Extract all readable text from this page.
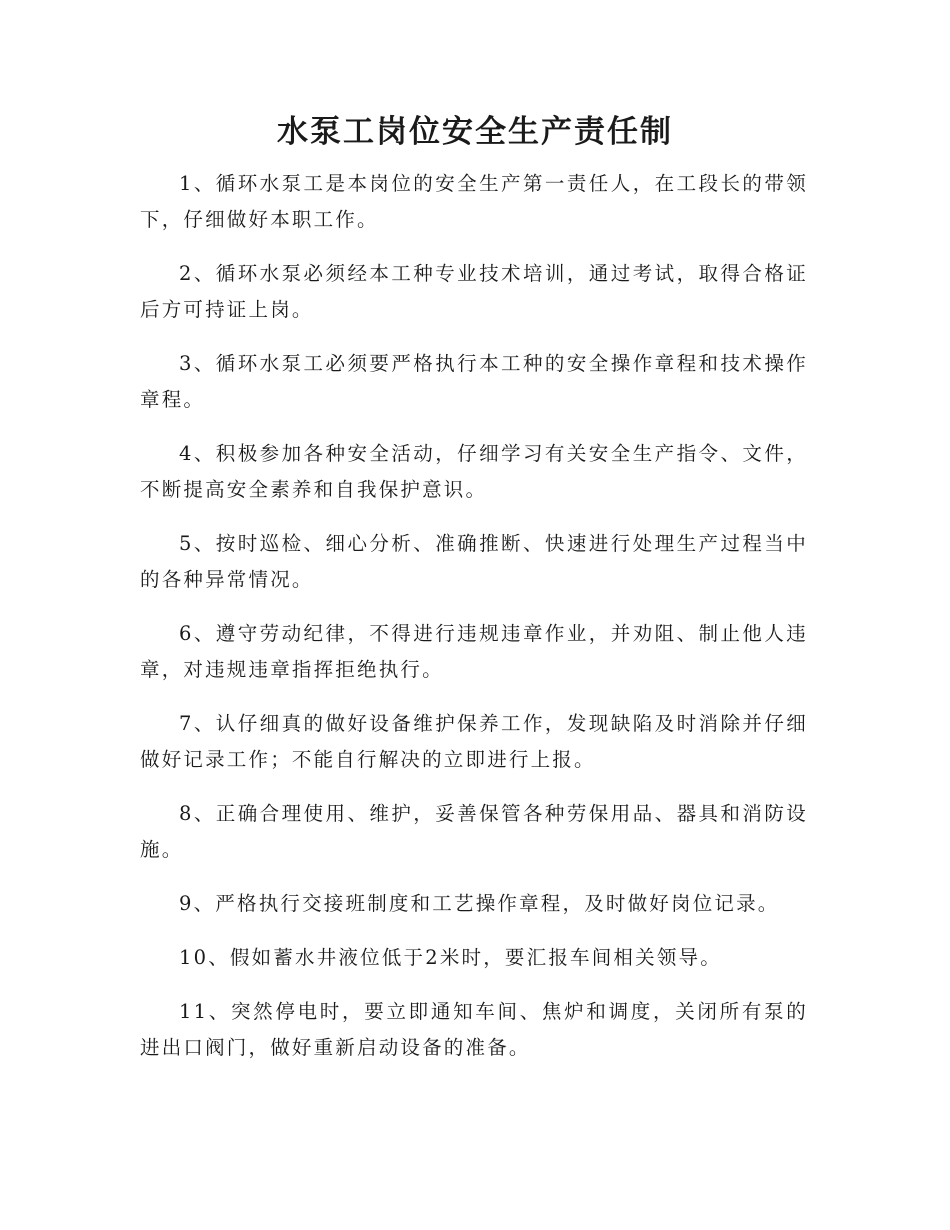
水泵工岗位安全生产责任制

1、循环水泵工是本岗位的安全生产第一责任人，在工段长的带领下，仔细做好本职工作。

2、循环水泵必须经本工种专业技术培训，通过考试，取得合格证后方可持证上岗。

3、循环水泵工必须要严格执行本工种的安全操作章程和技术操作章程。

4、积极参加各种安全活动，仔细学习有关安全生产指令、文件，不断提高安全素养和自我保护意识。

5、按时巡检、细心分析、准确推断、快速进行处理生产过程当中的各种异常情况。

6、遵守劳动纪律，不得进行违规违章作业，并劝阻、制止他人违章，对违规违章指挥拒绝执行。

7、认仔细真的做好设备维护保养工作，发现缺陷及时消除并仔细做好记录工作；不能自行解决的立即进行上报。

8、正确合理使用、维护，妥善保管各种劳保用品、器具和消防设施。

9、严格执行交接班制度和工艺操作章程，及时做好岗位记录。

10、假如蓄水井液位低于2米时，要汇报车间相关领导。

11、突然停电时，要立即通知车间、焦炉和调度，关闭所有泵的进出口阀门，做好重新启动设备的准备。
